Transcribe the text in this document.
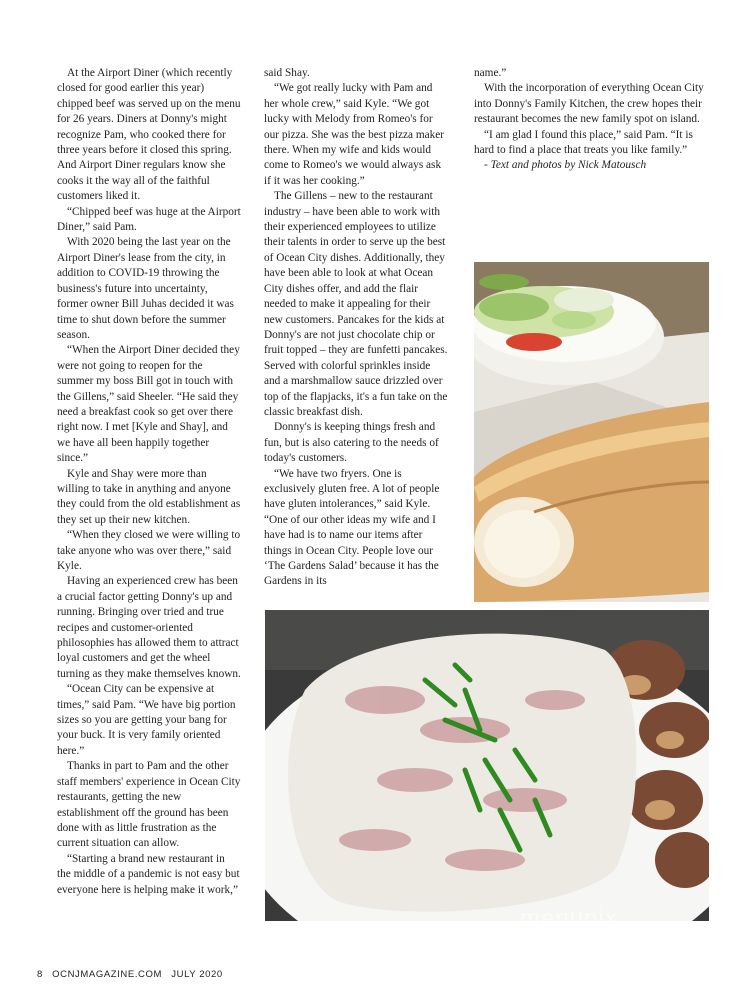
At the Airport Diner (which recently closed for good earlier this year) chipped beef was served up on the menu for 26 years. Diners at Donny's might recognize Pam, who cooked there for three years before it closed this spring. And Airport Diner regulars know she cooks it the way all of the faithful customers liked it.

“Chipped beef was huge at the Airport Diner,” said Pam.

With 2020 being the last year on the Airport Diner's lease from the city, in addition to COVID-19 throwing the business's future into uncertainty, former owner Bill Juhas decided it was time to shut down before the summer season.

“When the Airport Diner decided they were not going to reopen for the summer my boss Bill got in touch with the Gillens,” said Sheeler. “He said they need a breakfast cook so get over there right now. I met [Kyle and Shay], and we have all been happily together since.”

Kyle and Shay were more than willing to take in anything and anyone they could from the old establishment as they set up their new kitchen.

“When they closed we were willing to take anyone who was over there,” said Kyle.

Having an experienced crew has been a crucial factor getting Donny's up and running. Bringing over tried and true recipes and customer-oriented philosophies has allowed them to attract loyal customers and get the wheel turning as they make themselves known.

“Ocean City can be expensive at times,” said Pam. “We have big portion sizes so you are getting your bang for your buck. It is very family oriented here.”

Thanks in part to Pam and the other staff members' experience in Ocean City restaurants, getting the new establishment off the ground has been done with as little frustration as the current situation can allow.

“Starting a brand new restaurant in the middle of a pandemic is not easy but everyone here is helping make it work,”

said Shay.

“We got really lucky with Pam and her whole crew,” said Kyle. “We got lucky with Melody from Romeo's for our pizza. She was the best pizza maker there. When my wife and kids would come to Romeo's we would always ask if it was her cooking.”

The Gillens – new to the restaurant industry – have been able to work with their experienced employees to utilize their talents in order to serve up the best of Ocean City dishes. Additionally, they have been able to look at what Ocean City dishes offer, and add the flair needed to make it appealing for their new customers. Pancakes for the kids at Donny's are not just chocolate chip or fruit topped – they are funfetti pancakes. Served with colorful sprinkles inside and a marshmallow sauce drizzled over top of the flapjacks, it's a fun take on the classic breakfast dish.

Donny's is keeping things fresh and fun, but is also catering to the needs of today's customers.

“We have two fryers. One is exclusively gluten free. A lot of people have gluten intolerances,” said Kyle. “One of our other ideas my wife and I have had is to name our items after things in Ocean City. People love our ‘The Gardens Salad’ because it has the Gardens in its

name.”

With the incorporation of everything Ocean City into Donny's Family Kitchen, the crew hopes their restaurant becomes the new family spot on island.

“I am glad I found this place,” said Pam. “It is hard to find a place that treats you like family.”

- Text and photos by Nick Matousch

menupix
8 OCNJMAGAZINE.COM JULY 2020
